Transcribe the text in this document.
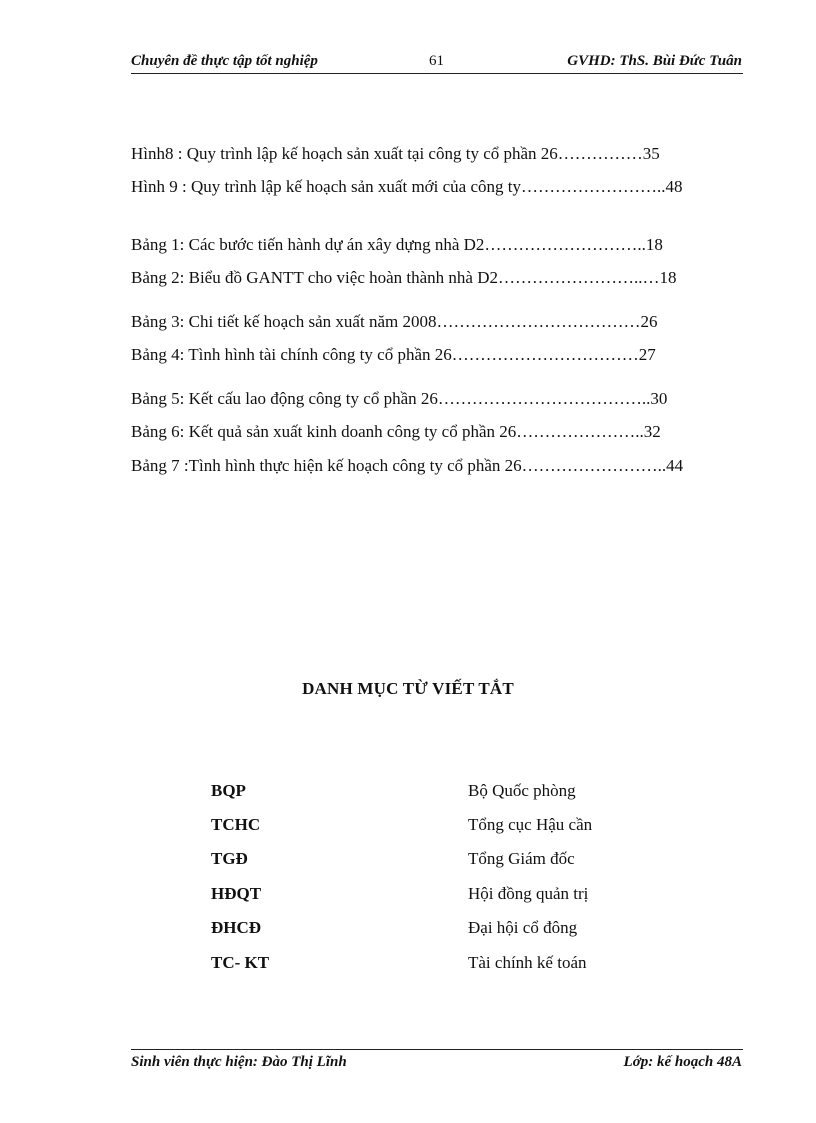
Chuyên đề thực tập tốt nghiệp	61	GVHD: ThS. Bùi Đức Tuân
Hình8 : Quy trình lập kế hoạch sản xuất tại công ty cổ phần 26……………35
Hình 9 : Quy trình lập kế hoạch sản xuất mới của công ty……………………..48
Bảng 1: Các bước tiến hành dự án xây dựng nhà D2………………………..18
Bảng 2: Biểu đồ GANTT cho việc hoàn thành nhà D2……………………..…18
Bảng 3: Chi tiết kế hoạch sản xuất năm 2008………………………………26
Bảng 4: Tình hình tài chính công ty cổ phần 26……………………………27
Bảng 5: Kết cấu lao động công ty cổ phần 26………………………………..30
Bảng 6: Kết quả sản xuất kinh doanh công ty cổ phần 26…………………..32
Bảng 7 :Tình hình thực hiện kế hoạch công ty cổ phần 26……………………..44
DANH MỤC TỪ VIẾT TẮT
BQP	Bộ Quốc phòng
TCHC	Tổng cục Hậu cần
TGĐ	Tổng Giám đốc
HĐQT	Hội đồng quản trị
ĐHCĐ	Đại hội cổ đông
TC- KT	Tài chính kế toán
Sinh viên thực hiện: Đào Thị Lĩnh	Lớp: kế hoạch 48A
